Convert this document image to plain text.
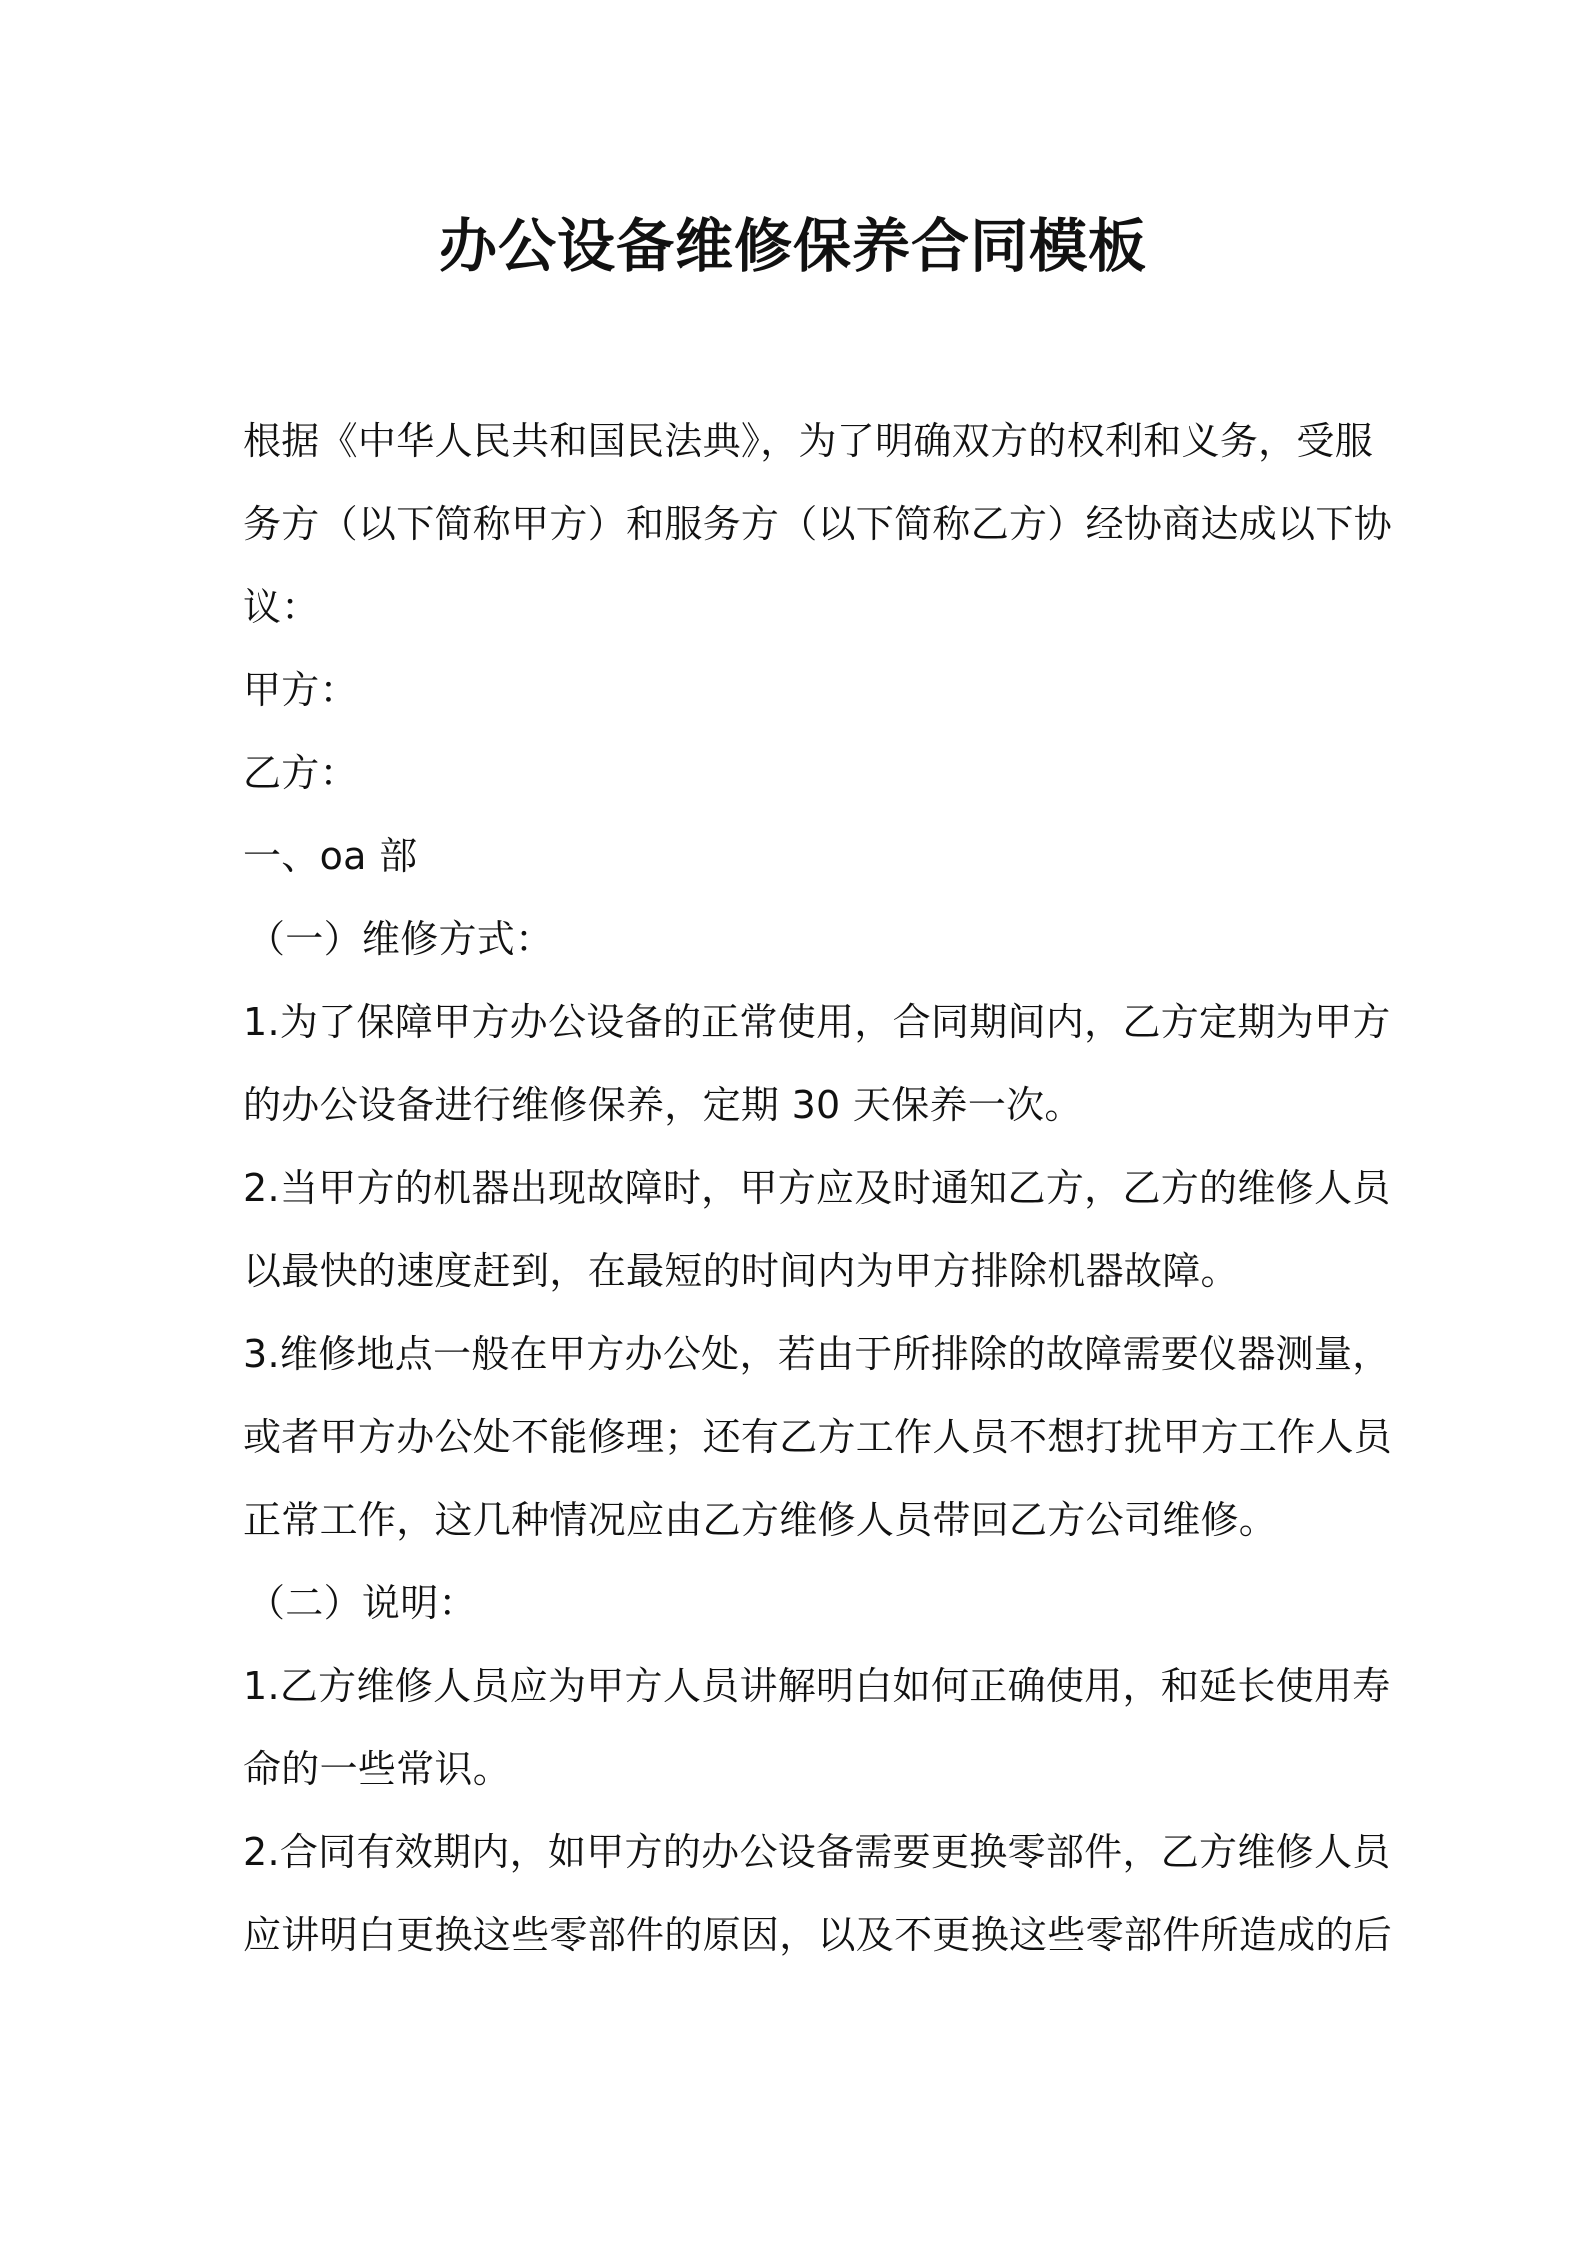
办公设备维修保养合同模板
根据《中华人民共和国民法典》，为了明确双方的权利和义务，受服
务方（以下简称甲方）和服务方（以下简称乙方）经协商达成以下协
议：
甲方：
乙方：
一、oa 部
（一）维修方式：
1.为了保障甲方办公设备的正常使用，合同期间内，乙方定期为甲方
的办公设备进行维修保养，定期 30 天保养一次。
2.当甲方的机器出现故障时，甲方应及时通知乙方，乙方的维修人员
以最快的速度赶到，在最短的时间内为甲方排除机器故障。
3.维修地点一般在甲方办公处，若由于所排除的故障需要仪器测量，
或者甲方办公处不能修理；还有乙方工作人员不想打扰甲方工作人员
正常工作，这几种情况应由乙方维修人员带回乙方公司维修。
（二）说明：
1.乙方维修人员应为甲方人员讲解明白如何正确使用，和延长使用寿
命的一些常识。
2.合同有效期内，如甲方的办公设备需要更换零部件，乙方维修人员
应讲明白更换这些零部件的原因，以及不更换这些零部件所造成的后
